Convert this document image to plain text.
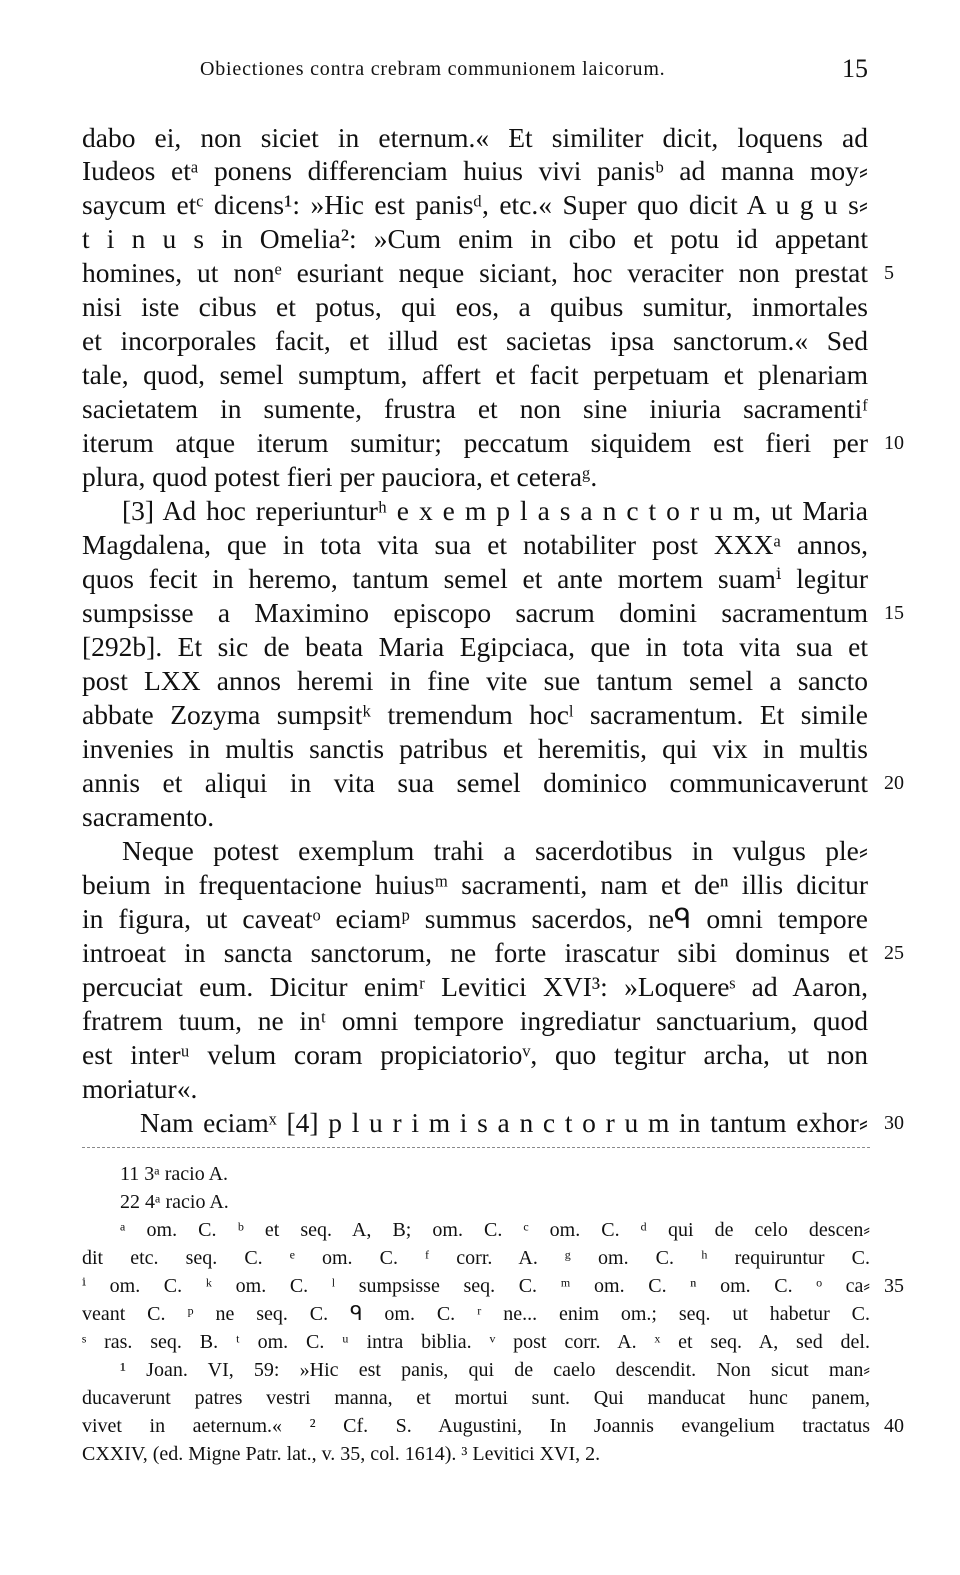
Obiectiones contra crebram communionem laicorum.	15
dabo ei, non siciet in eternum.« Et similiter dicit, loquens ad
Iudeos etᵃ ponens differenciam huius vivi panisᵇ ad manna moy⸗
saycum etᶜ dicens¹: »Hic est panisᵈ, etc.« Super quo dicit A u g u s⸗
t i n u s in Omelia²: »Cum enim in cibo et potu id appetant
homines, ut nonᵉ esuriant neque siciant, hoc veraciter non prestat
nisi iste cibus et potus, qui eos, a quibus sumitur, inmortales
et incorporales facit, et illud est sacietas ipsa sanctorum.« Sed
tale, quod, semel sumptum, affert et facit perpetuam et plenariam
sacietatem in sumente, frustra et non sine iniuria sacramentiᶠ
iterum atque iterum sumitur; peccatum siquidem est fieri per
plura, quod potest fieri per pauciora, et ceteraᵍ.
[3] Ad hoc reperiunturʰ e x e m p l a s a n c t o r u m, ut Maria
Magdalena, que in tota vita sua et notabiliter post XXXᵃ annos,
quos fecit in heremo, tantum semel et ante mortem suamⁱ legitur
sumpsisse a Maximino episcopo sacrum domini sacramentum
[292b]. Et sic de beata Maria Egipciaca, que in tota vita sua et
post LXX annos heremi in fine vite sue tantum semel a sancto
abbate Zozyma sumpsitᵏ tremendum hocˡ sacramentum. Et simile
invenies in multis sanctis patribus et heremitis, qui vix in multis
annis et aliqui in vita sua semel dominico communicaverunt
sacramento.
Neque potest exemplum trahi a sacerdotibus in vulgus ple⸗
beium in frequentacione huiusᵐ sacramenti, nam et deⁿ illis dicitur
in figura, ut caveatᵒ eciamᵖ summus sacerdos, neᑫ omni tempore
introeat in sancta sanctorum, ne forte irascatur sibi dominus et
percuciat eum. Dicitur enimʳ Levitici XVI³: »Loquereˢ ad Aaron,
fratrem tuum, ne inᵗ omni tempore ingrediatur sanctuarium, quod
est interᵘ velum coram propiciatorioᵛ, quo tegitur archa, ut non
moriatur«.
Nam eciamˣ [4] p l u r i m i s a n c t o r u m in tantum exhor⸗
5
10
15
20
25
30
11 3ᵃ racio A.
22 4ᵃ racio A.
ᵃ om. C. ᵇ et seq. A, B; om. C. ᶜ om. C. ᵈ qui de celo descen⸗
dit etc. seq. C. ᵉ om. C. ᶠ corr. A. ᵍ om. C. ʰ requiruntur C.
ⁱ om. C. ᵏ om. C. ˡ sumpsisse seq. C. ᵐ om. C. ⁿ om. C. ᵒ ca⸗
veant C. ᵖ ne seq. C. ᑫ om. C. ʳ ne... enim om.; seq. ut habetur C.
ˢ ras. seq. B. ᵗ om. C. ᵘ intra biblia. ᵛ post corr. A. ˣ et seq. A, sed del.
¹ Joan. VI, 59: »Hic est panis, qui de caelo descendit. Non sicut man⸗
ducaverunt patres vestri manna, et mortui sunt. Qui manducat hunc panem,
vivet in aeternum.« ² Cf. S. Augustini, In Joannis evangelium tractatus
CXXIV, (ed. Migne Patr. lat., v. 35, col. 1614). ³ Levitici XVI, 2.
35
40
